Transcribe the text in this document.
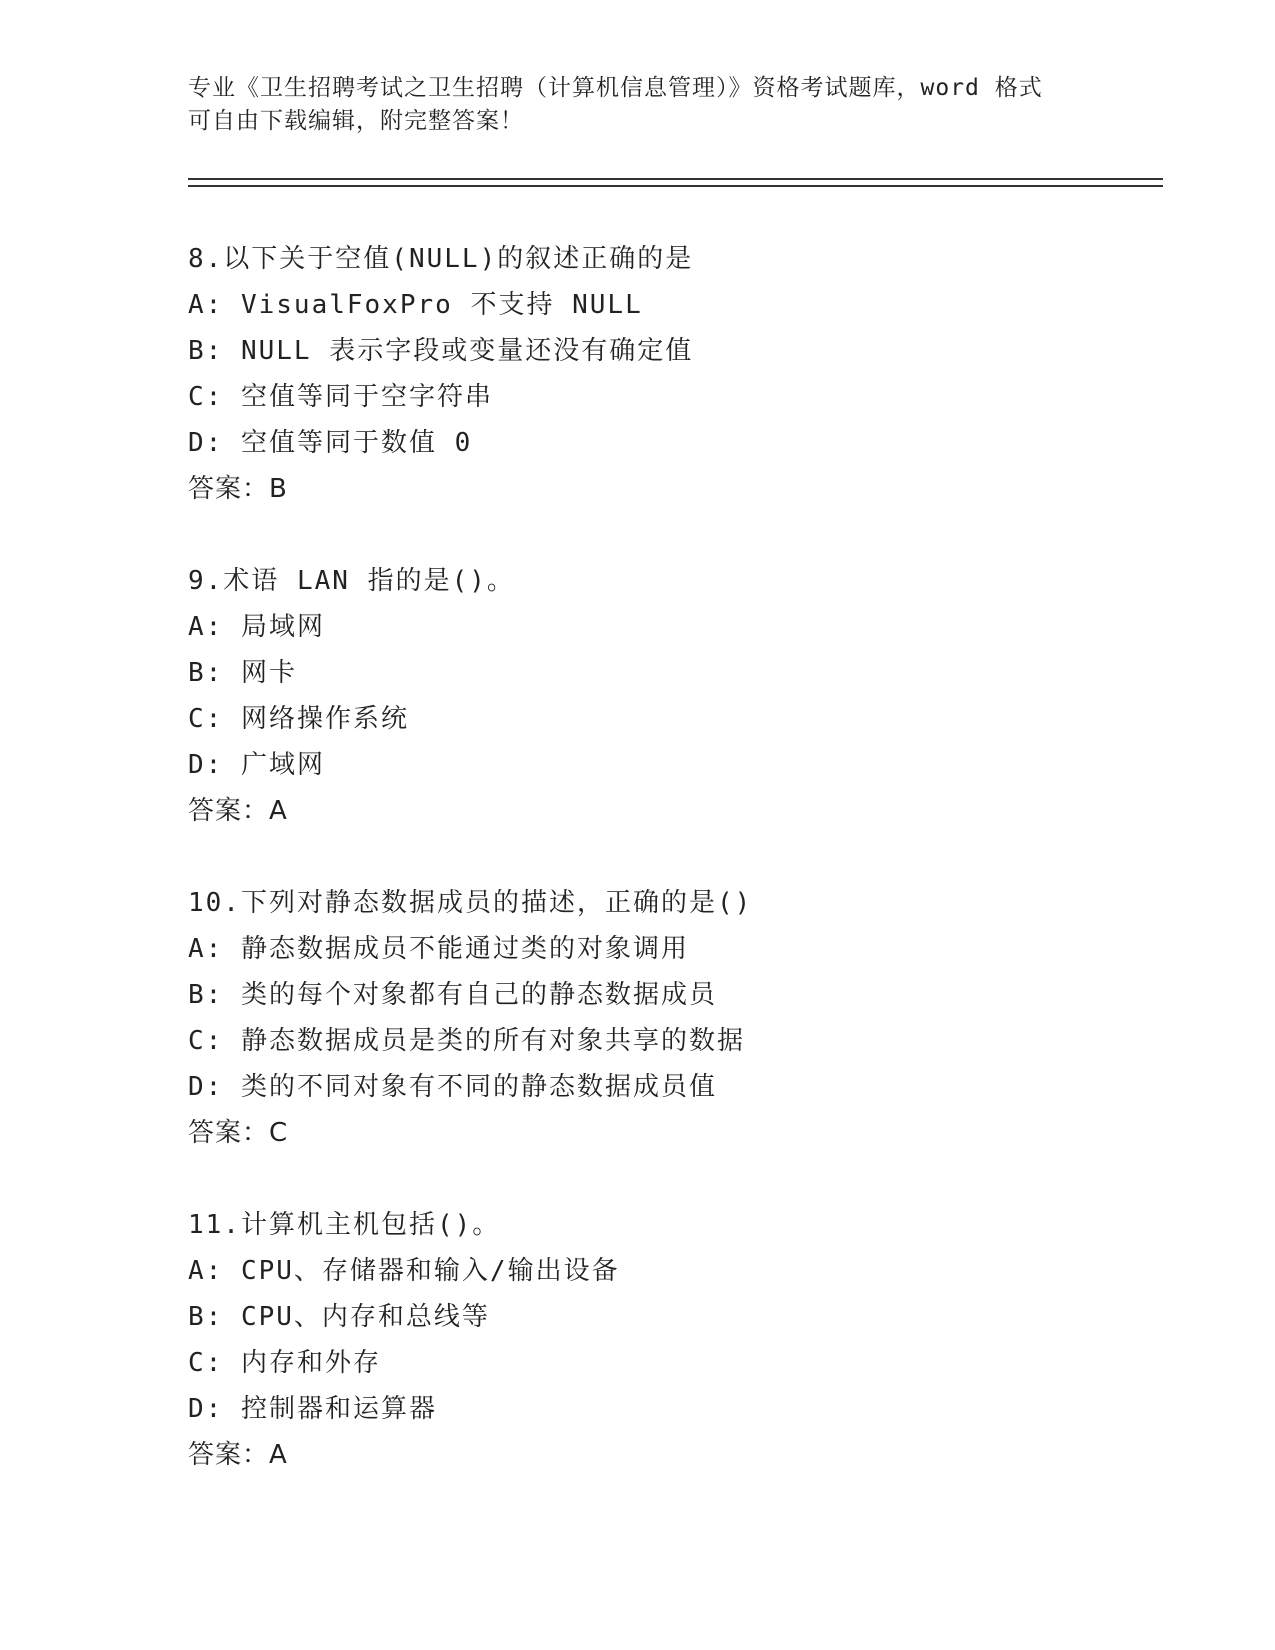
专业《卫生招聘考试之卫生招聘（计算机信息管理）》资格考试题库，word 格式
可自由下载编辑，附完整答案！
8.以下关于空值(NULL)的叙述正确的是
A: VisualFoxPro 不支持 NULL
B: NULL 表示字段或变量还没有确定值
C: 空值等同于空字符串
D: 空值等同于数值 0
答案：B
9.术语 LAN 指的是()。
A: 局域网
B: 网卡
C: 网络操作系统
D: 广域网
答案：A
10.下列对静态数据成员的描述，正确的是()
A: 静态数据成员不能通过类的对象调用
B: 类的每个对象都有自己的静态数据成员
C: 静态数据成员是类的所有对象共享的数据
D: 类的不同对象有不同的静态数据成员值
答案：C
11.计算机主机包括()。
A: CPU、存储器和输入/输出设备
B: CPU、内存和总线等
C: 内存和外存
D: 控制器和运算器
答案：A
